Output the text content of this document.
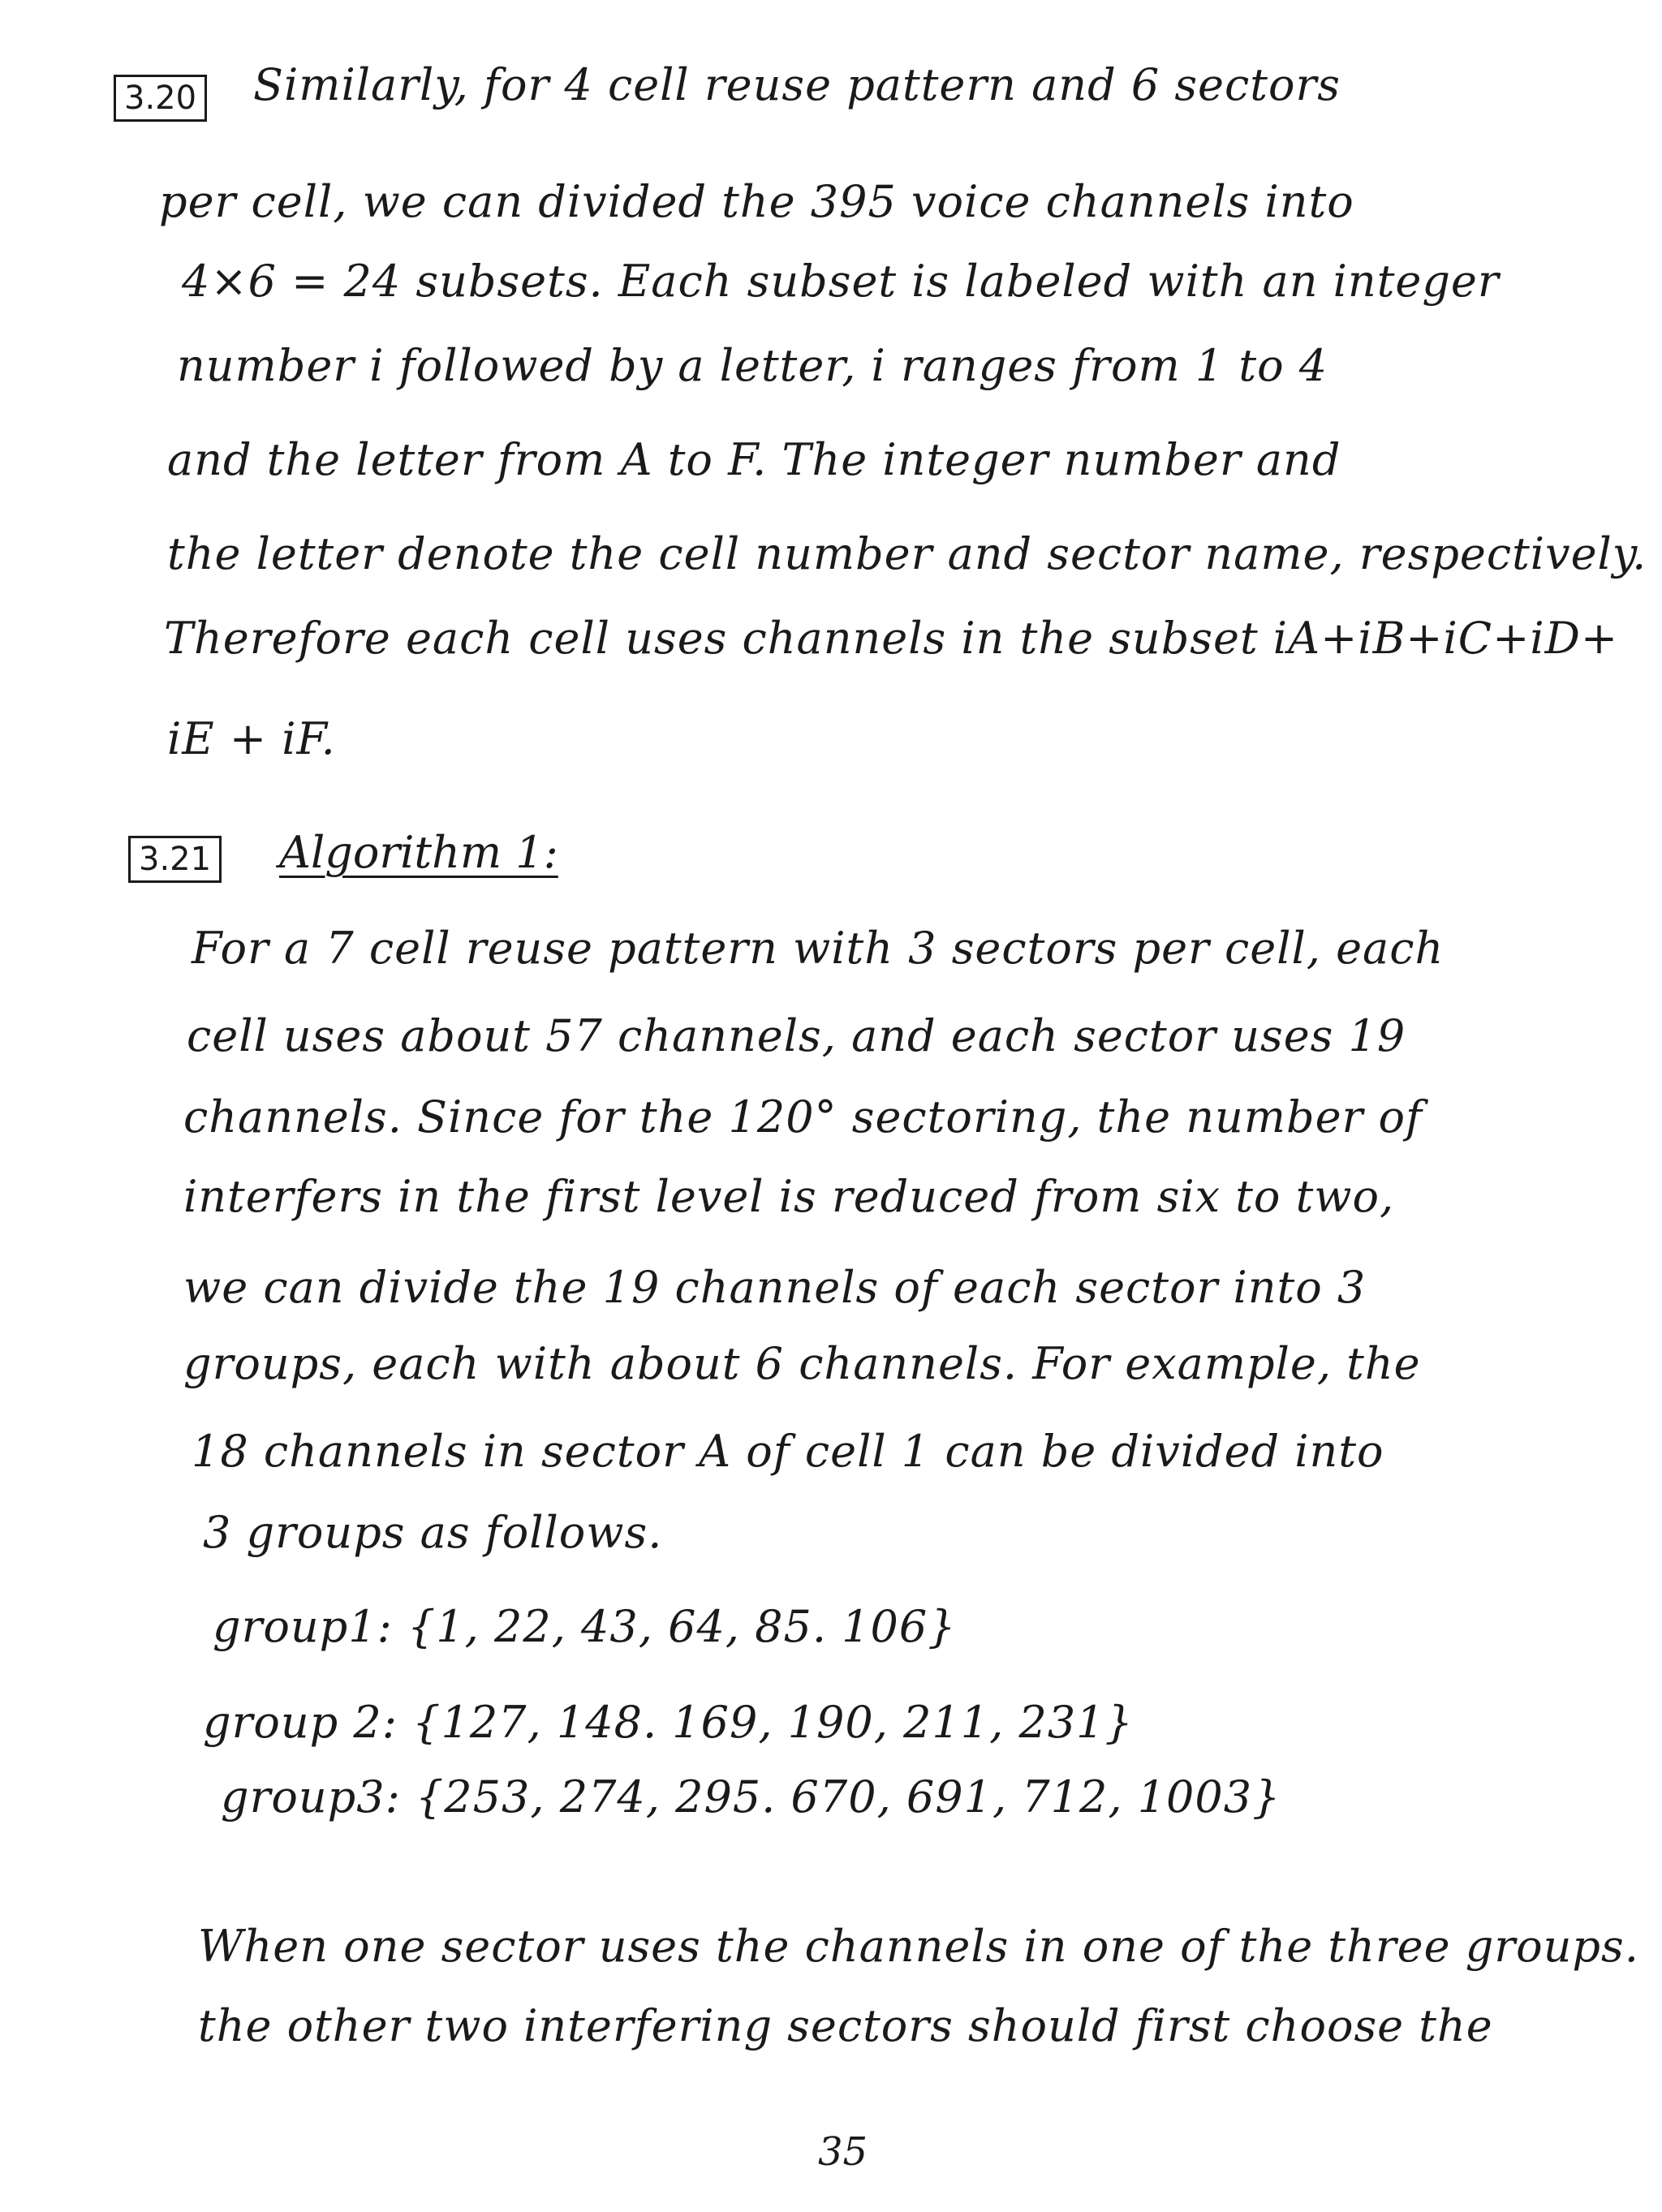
3.20 Similarly, for 4 cell reuse pattern and 6 sectors
per cell, we can divided the 395 voice channels into
4×6 = 24 subsets. Each subset is labeled with an integer
number i followed by a letter, i ranges from 1 to 4
and the letter from A to F. The integer number and
the letter denote the cell number and sector name, respectively.
Therefore each cell uses channels in the subset iA+iB+iC+iD+
iE + iF.
3.21 Algorithm 1:
For a 7 cell reuse pattern with 3 sectors per cell, each
cell uses about 57 channels, and each sector uses 19
channels. Since for the 120° sectoring, the number of
interfers in the first level is reduced from six to two,
we can divide the 19 channels of each sector into 3
groups, each with about 6 channels. For example, the
18 channels in sector A of cell 1 can be divided into
3 groups as follows.
group1: {1, 22, 43, 64, 85. 106}
group 2: {127, 148. 169, 190, 211, 231}
group3: {253, 274, 295. 670, 691, 712, 1003}
When one sector uses the channels in one of the three groups.
the other two interfering sectors should first choose the
35
